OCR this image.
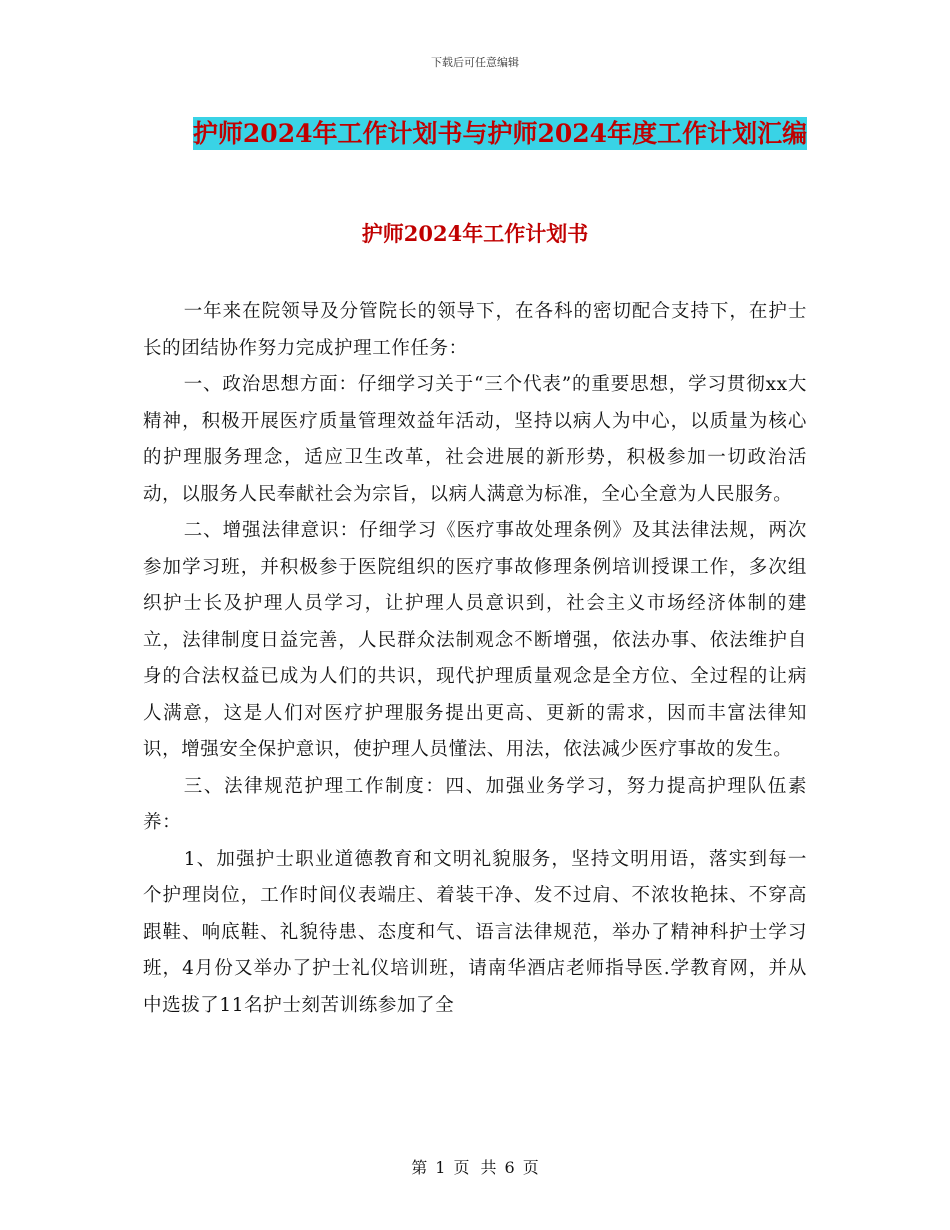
下载后可任意编辑
护师2024年工作计划书与护师2024年度工作计划汇编
护师2024年工作计划书

一年来在院领导及分管院长的领导下，在各科的密切配合支持下，在护士长的团结协作努力完成护理工作任务：

一、政治思想方面：仔细学习关于“三个代表”的重要思想，学习贯彻xx大精神，积极开展医疗质量管理效益年活动，坚持以病人为中心，以质量为核心的护理服务理念，适应卫生改革，社会进展的新形势，积极参加一切政治活动，以服务人民奉献社会为宗旨，以病人满意为标准，全心全意为人民服务。

二、增强法律意识：仔细学习《医疗事故处理条例》及其法律法规，两次参加学习班，并积极参于医院组织的医疗事故修理条例培训授课工作，多次组织护士长及护理人员学习，让护理人员意识到，社会主义市场经济体制的建立，法律制度日益完善，人民群众法制观念不断增强，依法办事、依法维护自身的合法权益已成为人们的共识，现代护理质量观念是全方位、全过程的让病人满意，这是人们对医疗护理服务提出更高、更新的需求，因而丰富法律知识，增强安全保护意识，使护理人员懂法、用法，依法减少医疗事故的发生。

三、法律规范护理工作制度：四、加强业务学习，努力提高护理队伍素养：

1、加强护士职业道德教育和文明礼貌服务，坚持文明用语，落实到每一个护理岗位，工作时间仪表端庄、着装干净、发不过肩、不浓妆艳抹、不穿高跟鞋、响底鞋、礼貌待患、态度和气、语言法律规范，举办了精神科护士学习班，4月份又举办了护士礼仪培训班，请南华酒店老师指导医.学教育网，并从中选拔了11名护士刻苦训练参加了全

第 1 页 共 6 页
